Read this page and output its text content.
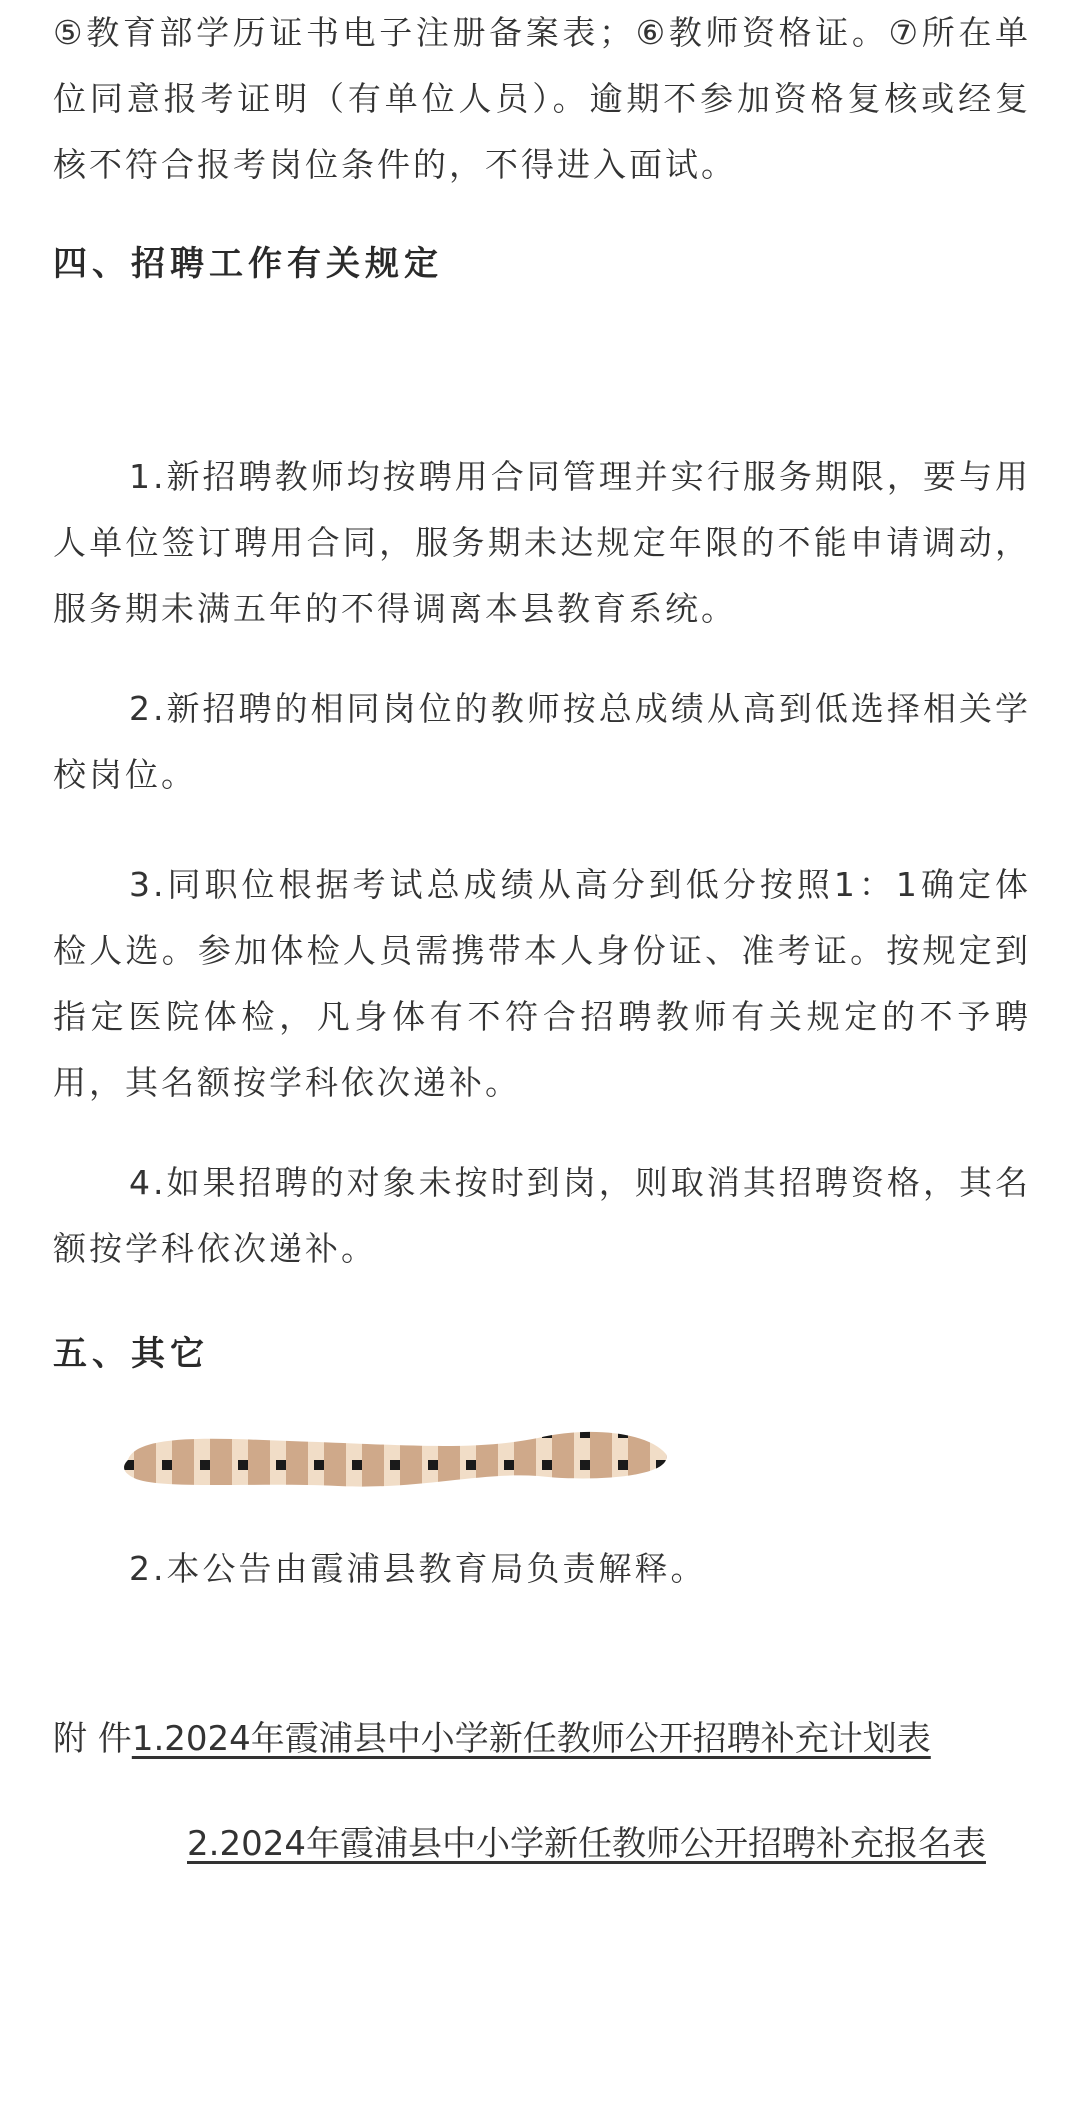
⑤教育部学历证书电子注册备案表；⑥教师资格证。⑦所在单位同意报考证明（有单位人员）。逾期不参加资格复核或经复核不符合报考岗位条件的，不得进入面试。

四、招聘工作有关规定

1.新招聘教师均按聘用合同管理并实行服务期限，要与用人单位签订聘用合同，服务期未达规定年限的不能申请调动，服务期未满五年的不得调离本县教育系统。

2.新招聘的相同岗位的教师按总成绩从高到低选择相关学校岗位。

3.同职位根据考试总成绩从高分到低分按照1：1确定体检人选。参加体检人员需携带本人身份证、准考证。按规定到指定医院体检，凡身体有不符合招聘教师有关规定的不予聘用，其名额按学科依次递补。

4.如果招聘的对象未按时到岗，则取消其招聘资格，其名额按学科依次递补。

五、其它

2.本公告由霞浦县教育局负责解释。

附 件1.2024年霞浦县中小学新任教师公开招聘补充计划表

2.2024年霞浦县中小学新任教师公开招聘补充报名表
